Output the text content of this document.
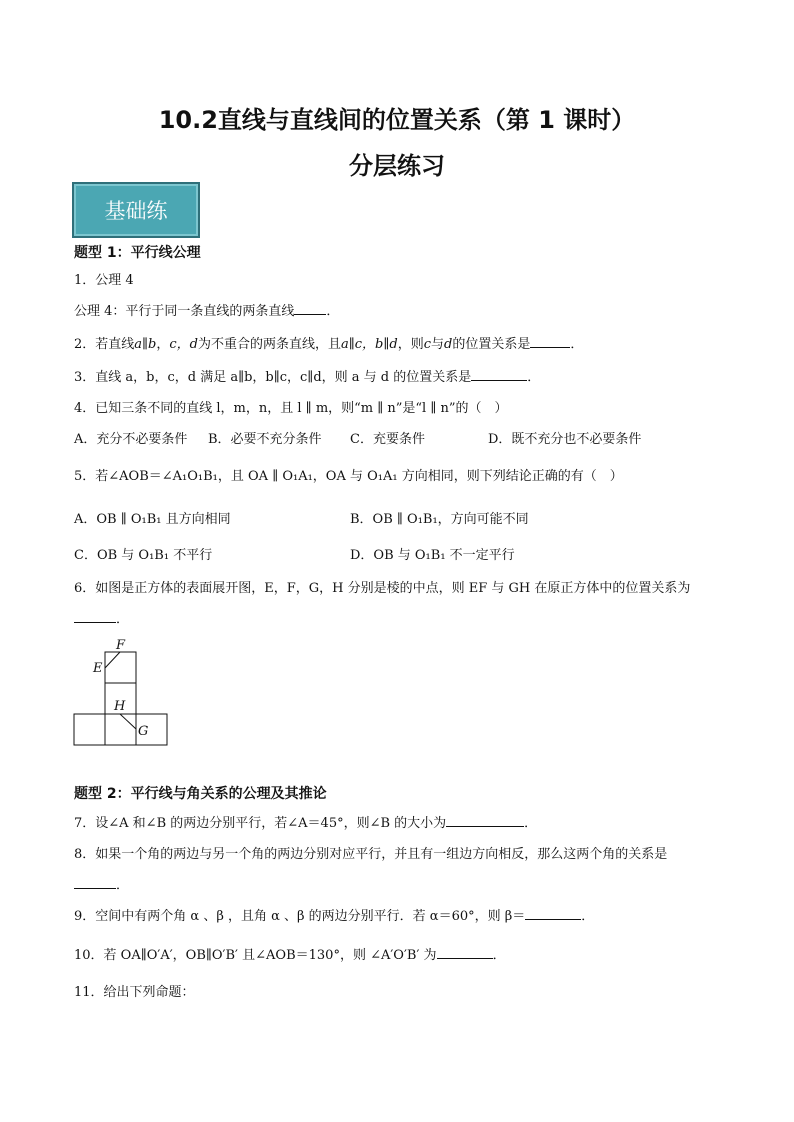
10.2直线与直线间的位置关系（第 1 课时）
分层练习
基础练
题型 1：平行线公理
1．公理 4
公理 4：平行于同一条直线的两条直线 ．
2．若直线a∥b，c，d为不重合的两条直线，且a∥c，b∥d，则c与d的位置关系是	．
3．直线 a，b，c，d 满足 a∥b，b∥c，c∥d，则 a 与 d 的位置关系是	．
4．已知三条不同的直线 l，m，n，且 l ∥ m，则“m ∥ n”是“l ∥ n”的（　）
A．充分不必要条件 B．必要不充分条件 C．充要条件	D．既不充分也不必要条件
5．若∠AOB＝∠A₁O₁B₁，且 OA ∥ O₁A₁，OA 与 O₁A₁ 方向相同，则下列结论正确的有（　）
A．OB ∥ O₁B₁ 且方向相同	B．OB ∥ O₁B₁，方向可能不同
C．OB 与 O₁B₁ 不平行	D．OB 与 O₁B₁ 不一定平行
6．如图是正方体的表面展开图，E，F，G，H 分别是棱的中点，则 EF 与 GH 在原正方体中的位置关系为
．
F
E
H
G
题型 2：平行线与角关系的公理及其推论
7．设∠A 和∠B 的两边分别平行，若∠A＝45°，则∠B 的大小为	．
8．如果一个角的两边与另一个角的两边分别对应平行，并且有一组边方向相反，那么这两个角的关系是
．
9．空间中有两个角 α 、β ，且角 α 、β 的两边分别平行．若 α＝60°，则 β＝	．
10．若 OA∥O′A′，OB∥O′B′ 且∠AOB＝130°，则 ∠A′O′B′ 为	．
11．给出下列命题：
